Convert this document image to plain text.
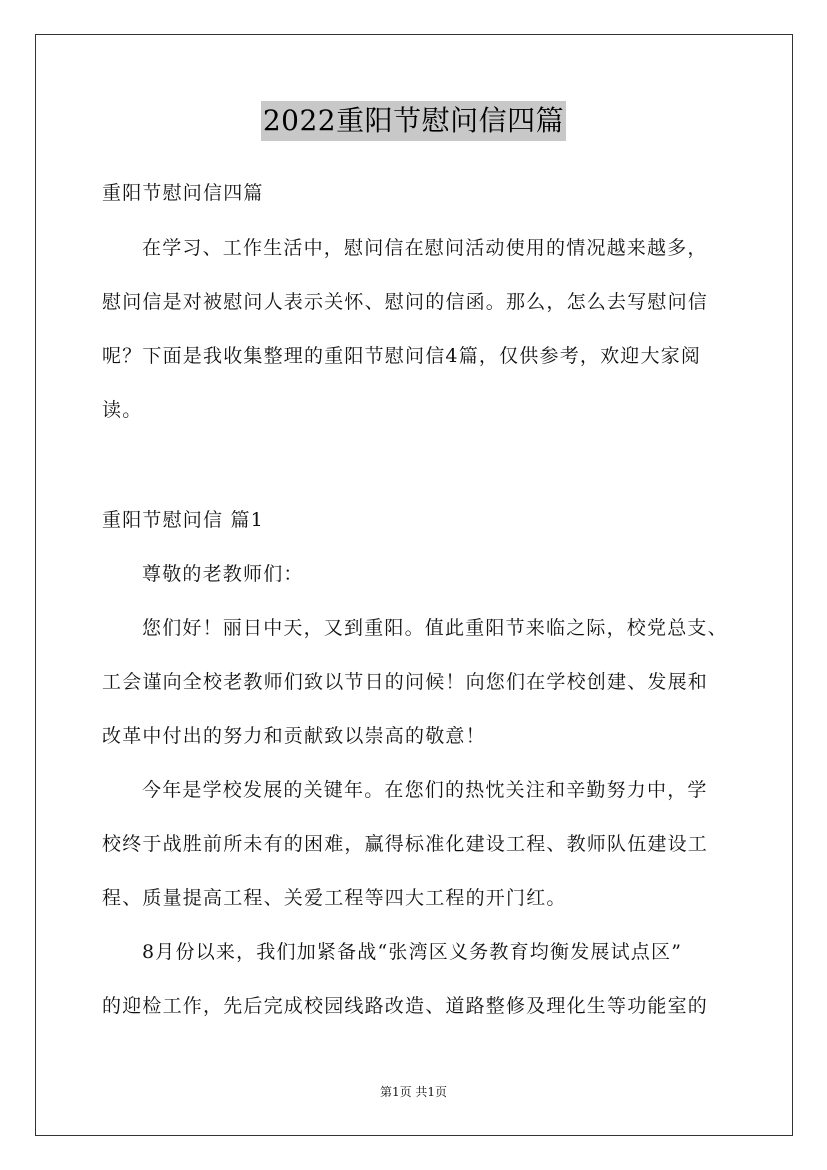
2022重阳节慰问信四篇
重阳节慰问信四篇
在学习、工作生活中，慰问信在慰问活动使用的情况越来越多，
慰问信是对被慰问人表示关怀、慰问的信函。那么，怎么去写慰问信
呢？下面是我收集整理的重阳节慰问信4篇，仅供参考，欢迎大家阅
读。
重阳节慰问信 篇1
尊敬的老教师们：
您们好！丽日中天，又到重阳。值此重阳节来临之际，校党总支、
工会谨向全校老教师们致以节日的问候！向您们在学校创建、发展和
改革中付出的努力和贡献致以崇高的敬意！
今年是学校发展的关键年。在您们的热忱关注和辛勤努力中，学
校终于战胜前所未有的困难，赢得标准化建设工程、教师队伍建设工
程、质量提高工程、关爱工程等四大工程的开门红。
8月份以来，我们加紧备战“张湾区义务教育均衡发展试点区”
的迎检工作，先后完成校园线路改造、道路整修及理化生等功能室的
第1页 共1页
